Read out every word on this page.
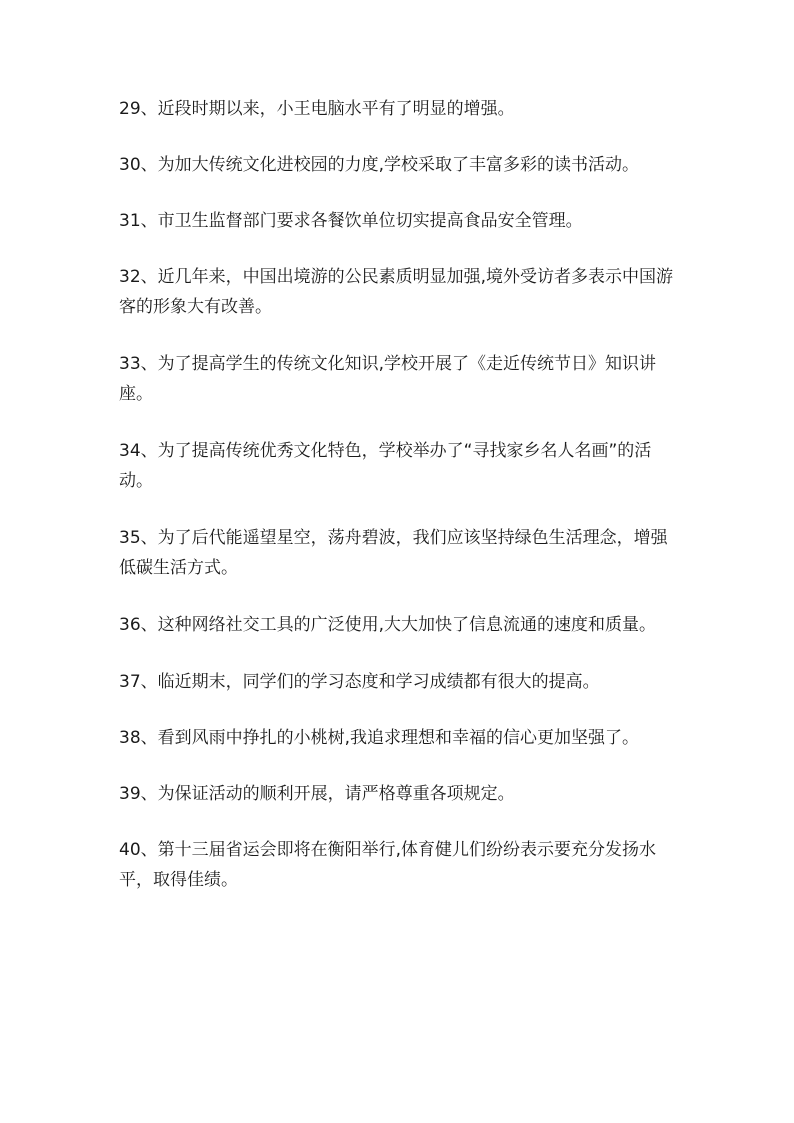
29、近段时期以来，小王电脑水平有了明显的增强。

30、为加大传统文化进校园的力度,学校采取了丰富多彩的读书活动。

31、市卫生监督部门要求各餐饮单位切实提高食品安全管理。

32、近几年来，中国出境游的公民素质明显加强,境外受访者多表示中国游客的形象大有改善。

33、为了提高学生的传统文化知识,学校开展了《走近传统节日》知识讲座。

34、为了提高传统优秀文化特色，学校举办了“寻找家乡名人名画”的活动。

35、为了后代能遥望星空，荡舟碧波，我们应该坚持绿色生活理念，增强低碳生活方式。

36、这种网络社交工具的广泛使用,大大加快了信息流通的速度和质量。

37、临近期末，同学们的学习态度和学习成绩都有很大的提高。

38、看到风雨中挣扎的小桃树,我追求理想和幸福的信心更加坚强了。

39、为保证活动的顺利开展，请严格尊重各项规定。

40、第十三届省运会即将在衡阳举行,体育健儿们纷纷表示要充分发扬水平，取得佳绩。
